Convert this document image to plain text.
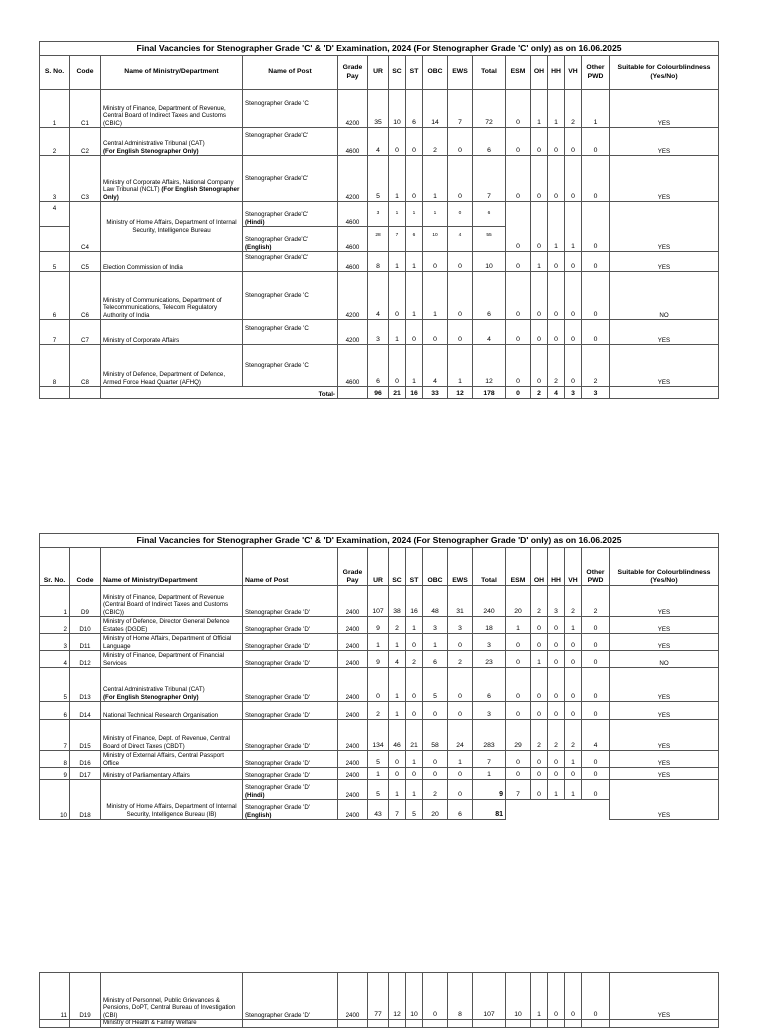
Final Vacancies for Stenographer Grade 'C' & 'D' Examination, 2024 (For Stenographer Grade 'C' only) as on 16.06.2025																
S. No.	Code	Name of Ministry/Department	Name of Post	Grade Pay	UR	SC	ST	OBC	EWS	Total	ESM	OH	HH	VH	Other PWD	Suitable for Colourblindness (Yes/No)
1	C1	Ministry of Finance, Department of Revenue, Central Board of Indirect Taxes and Customs (CBIC)	Stenographer Grade 'C	4200	35	10	6	14	7	72	0	1	1	2	1	YES
2	C2	Central Administrative Tribunal (CAT)
(For English Stenographer Only)	Stenographer Grade'C'	4600	4	0	0	2	0	6	0	0	0	0	0	YES
3	C3	Ministry of Corporate Affairs, National Company Law Tribunal (NCLT) (For English Stenographer Only)	Stenographer Grade'C'	4200	5	1	0	1	0	7	0	0	0	0	0	YES
4	C4	Ministry of Home Affairs, Department of Internal Security, Intelligence Bureau	Stenographer Grade'C'
(Hindi)	4600	3	1	1	1	0	6	0	0	1	1	0	YES
			Stenographer Grade'C'
(English)	4600	28	7	6	10	4	55						
5	C5	Election Commission of India	Stenographer Grade'C'	4600	8	1	1	0	0	10	0	1	0	0	0	YES
6	C6	Ministry of Communications, Department of Telecommunications, Telecom Regulatory Authority of India	Stenographer Grade 'C	4200	4	0	1	1	0	6	0	0	0	0	0	NO
7	C7	Ministry of Corporate Affairs	Stenographer Grade 'C	4200	3	1	0	0	0	4	0	0	0	0	0	YES
8	C8	Ministry of Defence, Department of Defence, Armed Force Head Quarter (AFHQ)	Stenographer Grade 'C	4600	6	0	1	4	1	12	0	0	2	0	2	YES
		Total-			96	21	16	33	12	178	0	2	4	3	3	
Final Vacancies for Stenographer Grade 'C' & 'D' Examination, 2024 (For Stenographer Grade 'D' only) as on 16.06.2025																
Sr. No.	Code	Name of Ministry/Department	Name of Post	Grade Pay	UR	SC	ST	OBC	EWS	Total	ESM	OH	HH	VH	Other PWD	Suitable for Colourblindness (Yes/No)
1	D9	Ministry of Finance, Department of Revenue (Central Board of Indirect Taxes and Customs (CBIC))	Stenographer Grade 'D'	2400	107	38	16	48	31	240	20	2	3	2	2	YES
2	D10	Ministry of Defence, Director General Defence Estates (DGDE)	Stenographer Grade 'D'	2400	9	2	1	3	3	18	1	0	0	1	0	YES
3	D11	Ministry of Home Affairs, Department of Official Language	Stenographer Grade 'D'	2400	1	1	0	1	0	3	0	0	0	0	0	YES
4	D12	Ministry of Finance, Department of Financial Services	Stenographer Grade 'D'	2400	9	4	2	6	2	23	0	1	0	0	0	NO
5	D13	Central Administrative Tribunal (CAT)
(For English Stenographer Only)	Stenographer Grade 'D'	2400	0	1	0	5	0	6	0	0	0	0	0	YES
6	D14	National Technical Research Organisation	Stenographer Grade 'D'	2400	2	1	0	0	0	3	0	0	0	0	0	YES
7	D15	Ministry of Finance, Dept. of Revenue, Central Board of Direct Taxes (CBDT)	Stenographer Grade 'D'	2400	134	46	21	58	24	283	29	2	2	2	4	YES
8	D16	Ministry of External Affairs, Central Passport Office	Stenographer Grade 'D'	2400	5	0	1	0	1	7	0	0	0	1	0	YES
9	D17	Ministry of Parliamentary Affairs	Stenographer Grade 'D'	2400	1	0	0	0	0	1	0	0	0	0	0	YES
10	D18	Ministry of Home Affairs, Department of Internal Security, Intelligence Bureau (IB)	Stenographer Grade 'D'
(Hindi)	2400	5	1	1	2	0	9	7	0	1	1	0	YES
			Stenographer Grade 'D'
(English)	2400	43	7	5	20	6	81						
11	D19	Ministry of Personnel, Public Grievances & Pensions, DoPT, Central Bureau of Investigation (CBI)	Stenographer Grade 'D'	2400	77	12	10	0	8	107	10	1	0	0	0	YES
		Ministry of Health & Family Welfare														
